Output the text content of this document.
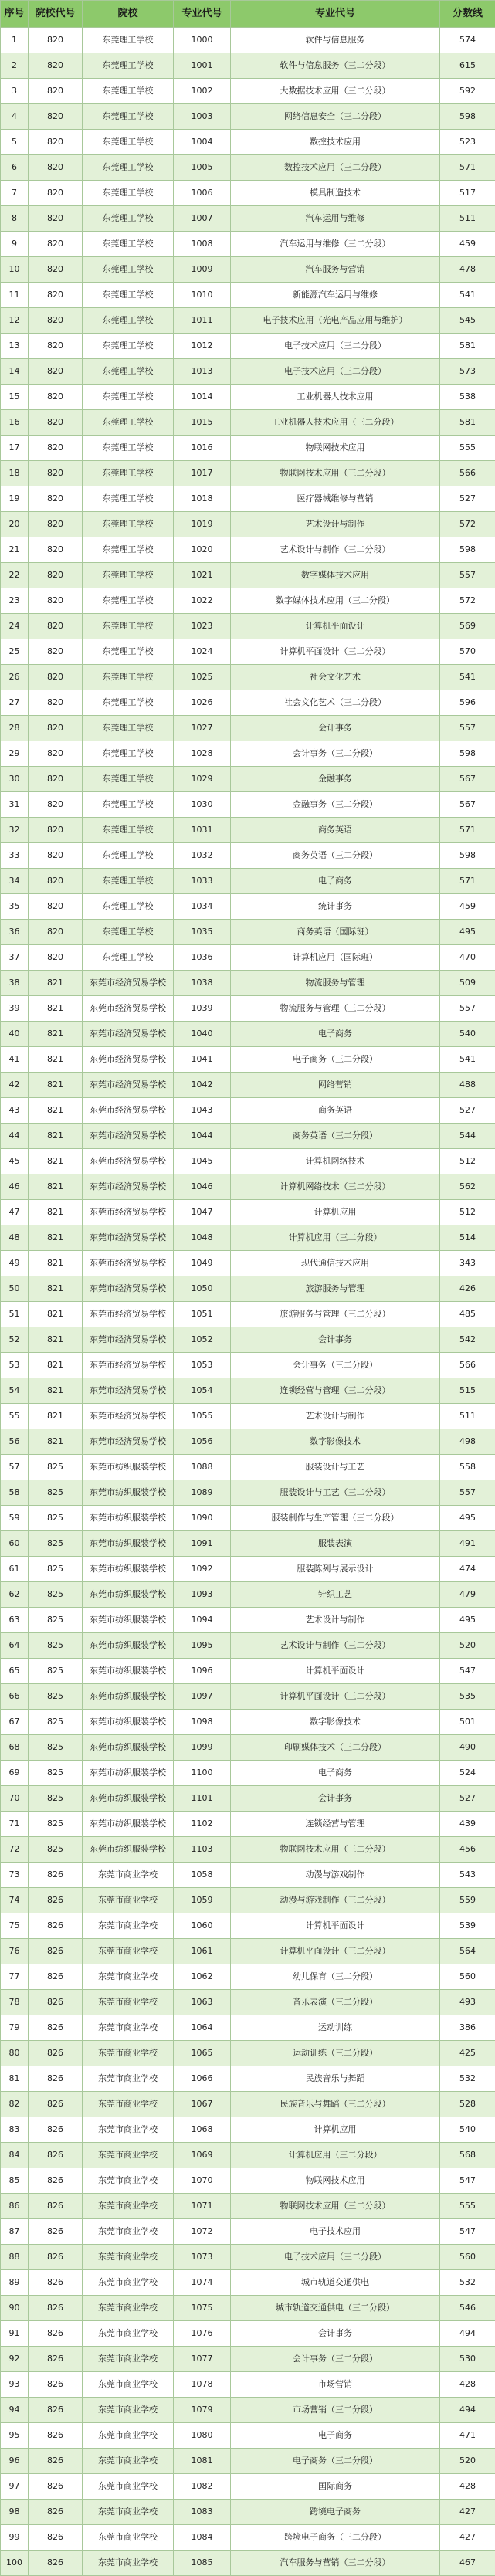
序号	院校代号	院校	专业代号	专业代号	分数线
1	820	东莞理工学校	1000	软件与信息服务	574
2	820	东莞理工学校	1001	软件与信息服务（三二分段）	615
3	820	东莞理工学校	1002	大数据技术应用（三二分段）	592
4	820	东莞理工学校	1003	网络信息安全（三二分段）	598
5	820	东莞理工学校	1004	数控技术应用	523
6	820	东莞理工学校	1005	数控技术应用（三二分段）	571
7	820	东莞理工学校	1006	模具制造技术	517
8	820	东莞理工学校	1007	汽车运用与维修	511
9	820	东莞理工学校	1008	汽车运用与维修（三二分段）	459
10	820	东莞理工学校	1009	汽车服务与营销	478
11	820	东莞理工学校	1010	新能源汽车运用与维修	541
12	820	东莞理工学校	1011	电子技术应用（光电产品应用与维护）	545
13	820	东莞理工学校	1012	电子技术应用（三二分段）	581
14	820	东莞理工学校	1013	电子技术应用（三二分段）	573
15	820	东莞理工学校	1014	工业机器人技术应用	538
16	820	东莞理工学校	1015	工业机器人技术应用（三二分段）	581
17	820	东莞理工学校	1016	物联网技术应用	555
18	820	东莞理工学校	1017	物联网技术应用（三二分段）	566
19	820	东莞理工学校	1018	医疗器械维修与营销	527
20	820	东莞理工学校	1019	艺术设计与制作	572
21	820	东莞理工学校	1020	艺术设计与制作（三二分段）	598
22	820	东莞理工学校	1021	数字媒体技术应用	557
23	820	东莞理工学校	1022	数字媒体技术应用（三二分段）	572
24	820	东莞理工学校	1023	计算机平面设计	569
25	820	东莞理工学校	1024	计算机平面设计（三二分段）	570
26	820	东莞理工学校	1025	社会文化艺术	541
27	820	东莞理工学校	1026	社会文化艺术（三二分段）	596
28	820	东莞理工学校	1027	会计事务	557
29	820	东莞理工学校	1028	会计事务（三二分段）	598
30	820	东莞理工学校	1029	金融事务	567
31	820	东莞理工学校	1030	金融事务（三二分段）	567
32	820	东莞理工学校	1031	商务英语	571
33	820	东莞理工学校	1032	商务英语（三二分段）	598
34	820	东莞理工学校	1033	电子商务	571
35	820	东莞理工学校	1034	统计事务	459
36	820	东莞理工学校	1035	商务英语（国际班）	495
37	820	东莞理工学校	1036	计算机应用（国际班）	470
38	821	东莞市经济贸易学校	1038	物流服务与管理	509
39	821	东莞市经济贸易学校	1039	物流服务与管理（三二分段）	557
40	821	东莞市经济贸易学校	1040	电子商务	540
41	821	东莞市经济贸易学校	1041	电子商务（三二分段）	541
42	821	东莞市经济贸易学校	1042	网络营销	488
43	821	东莞市经济贸易学校	1043	商务英语	527
44	821	东莞市经济贸易学校	1044	商务英语（三二分段）	544
45	821	东莞市经济贸易学校	1045	计算机网络技术	512
46	821	东莞市经济贸易学校	1046	计算机网络技术（三二分段）	562
47	821	东莞市经济贸易学校	1047	计算机应用	512
48	821	东莞市经济贸易学校	1048	计算机应用（三二分段）	514
49	821	东莞市经济贸易学校	1049	现代通信技术应用	343
50	821	东莞市经济贸易学校	1050	旅游服务与管理	426
51	821	东莞市经济贸易学校	1051	旅游服务与管理（三二分段）	485
52	821	东莞市经济贸易学校	1052	会计事务	542
53	821	东莞市经济贸易学校	1053	会计事务（三二分段）	566
54	821	东莞市经济贸易学校	1054	连锁经营与管理（三二分段）	515
55	821	东莞市经济贸易学校	1055	艺术设计与制作	511
56	821	东莞市经济贸易学校	1056	数字影像技术	498
57	825	东莞市纺织服装学校	1088	服装设计与工艺	558
58	825	东莞市纺织服装学校	1089	服装设计与工艺（三二分段）	557
59	825	东莞市纺织服装学校	1090	服装制作与生产管理（三二分段）	495
60	825	东莞市纺织服装学校	1091	服装表演	491
61	825	东莞市纺织服装学校	1092	服装陈列与展示设计	474
62	825	东莞市纺织服装学校	1093	针织工艺	479
63	825	东莞市纺织服装学校	1094	艺术设计与制作	495
64	825	东莞市纺织服装学校	1095	艺术设计与制作（三二分段）	520
65	825	东莞市纺织服装学校	1096	计算机平面设计	547
66	825	东莞市纺织服装学校	1097	计算机平面设计（三二分段）	535
67	825	东莞市纺织服装学校	1098	数字影像技术	501
68	825	东莞市纺织服装学校	1099	印刷媒体技术（三二分段）	490
69	825	东莞市纺织服装学校	1100	电子商务	524
70	825	东莞市纺织服装学校	1101	会计事务	527
71	825	东莞市纺织服装学校	1102	连锁经营与管理	439
72	825	东莞市纺织服装学校	1103	物联网技术应用（三二分段）	456
73	826	东莞市商业学校	1058	动漫与游戏制作	543
74	826	东莞市商业学校	1059	动漫与游戏制作（三二分段）	559
75	826	东莞市商业学校	1060	计算机平面设计	539
76	826	东莞市商业学校	1061	计算机平面设计（三二分段）	564
77	826	东莞市商业学校	1062	幼儿保育（三二分段）	560
78	826	东莞市商业学校	1063	音乐表演（三二分段）	493
79	826	东莞市商业学校	1064	运动训练	386
80	826	东莞市商业学校	1065	运动训练（三二分段）	425
81	826	东莞市商业学校	1066	民族音乐与舞蹈	532
82	826	东莞市商业学校	1067	民族音乐与舞蹈（三二分段）	528
83	826	东莞市商业学校	1068	计算机应用	540
84	826	东莞市商业学校	1069	计算机应用（三二分段）	568
85	826	东莞市商业学校	1070	物联网技术应用	547
86	826	东莞市商业学校	1071	物联网技术应用（三二分段）	555
87	826	东莞市商业学校	1072	电子技术应用	547
88	826	东莞市商业学校	1073	电子技术应用（三二分段）	560
89	826	东莞市商业学校	1074	城市轨道交通供电	532
90	826	东莞市商业学校	1075	城市轨道交通供电（三二分段）	546
91	826	东莞市商业学校	1076	会计事务	494
92	826	东莞市商业学校	1077	会计事务（三二分段）	530
93	826	东莞市商业学校	1078	市场营销	428
94	826	东莞市商业学校	1079	市场营销（三二分段）	494
95	826	东莞市商业学校	1080	电子商务	471
96	826	东莞市商业学校	1081	电子商务（三二分段）	520
97	826	东莞市商业学校	1082	国际商务	428
98	826	东莞市商业学校	1083	跨境电子商务	427
99	826	东莞市商业学校	1084	跨境电子商务（三二分段）	427
100	826	东莞市商业学校	1085	汽车服务与营销（三二分段）	467
